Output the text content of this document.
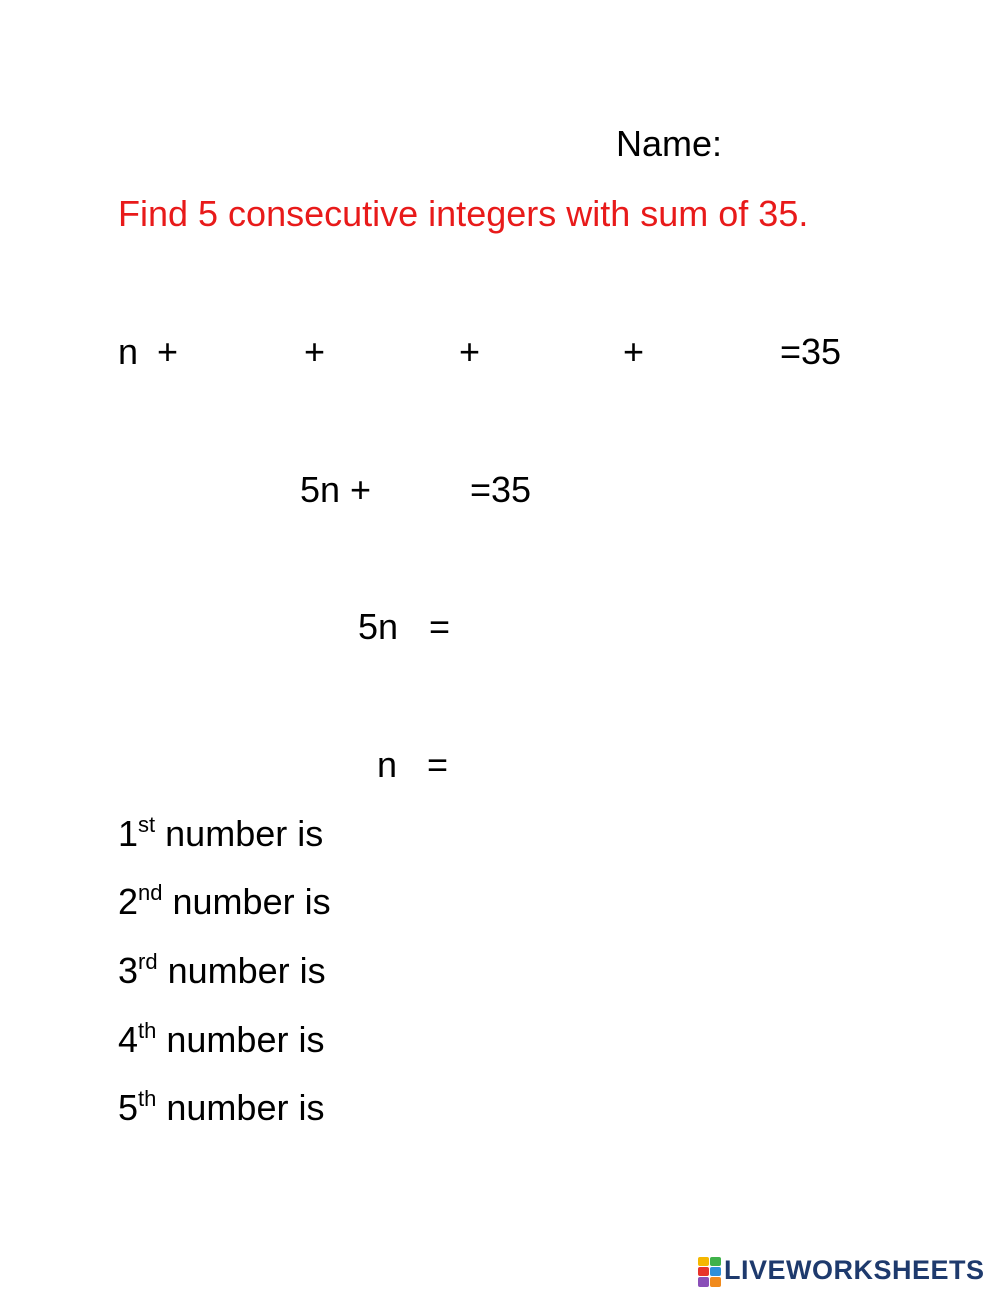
Name:
Find 5 consecutive integers with sum of 35.
n +	+	+	+	=35
5n +	=35
5n =
n =
1st number is
2nd number is
3rd number is
4th number is
5th number is
LIVEWORKSHEETS
